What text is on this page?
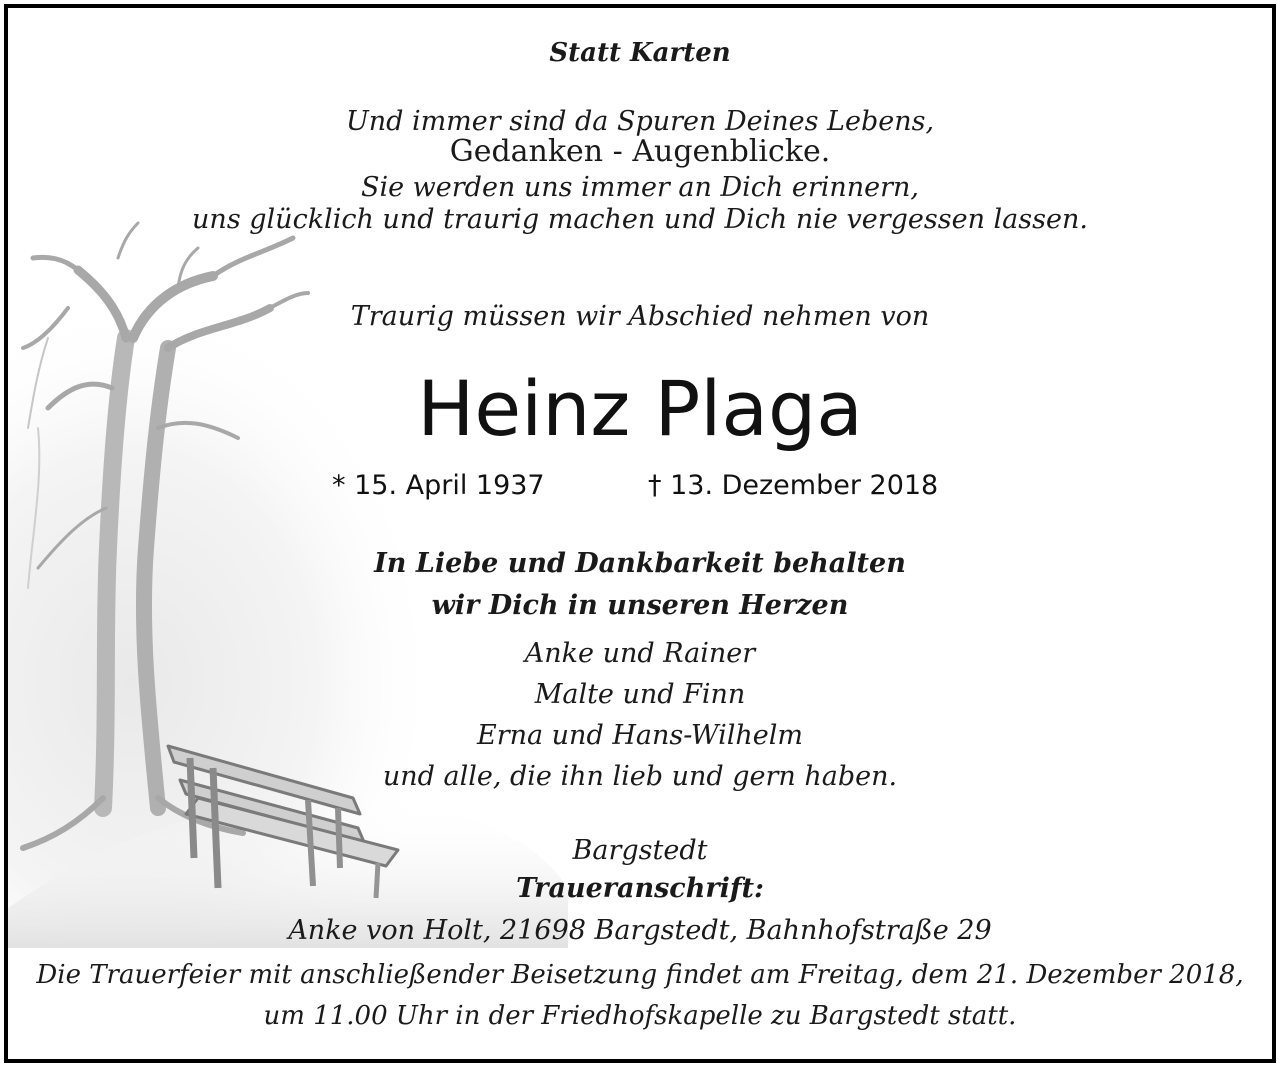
Statt Karten
Und immer sind da Spuren Deines Lebens,
Gedanken - Augenblicke.
Sie werden uns immer an Dich erinnern,
uns glücklich und traurig machen und Dich nie vergessen lassen.
Traurig müssen wir Abschied nehmen von
Heinz Plaga
* 15. April 1937	† 13. Dezember 2018
In Liebe und Dankbarkeit behalten
wir Dich in unseren Herzen
Anke und Rainer
Malte und Finn
Erna und Hans-Wilhelm
und alle, die ihn lieb und gern haben.
Bargstedt
Traueranschrift:
Anke von Holt, 21698 Bargstedt, Bahnhofstraße 29
Die Trauerfeier mit anschließender Beisetzung findet am Freitag, dem 21. Dezember 2018,
um 11.00 Uhr in der Friedhofskapelle zu Bargstedt statt.
